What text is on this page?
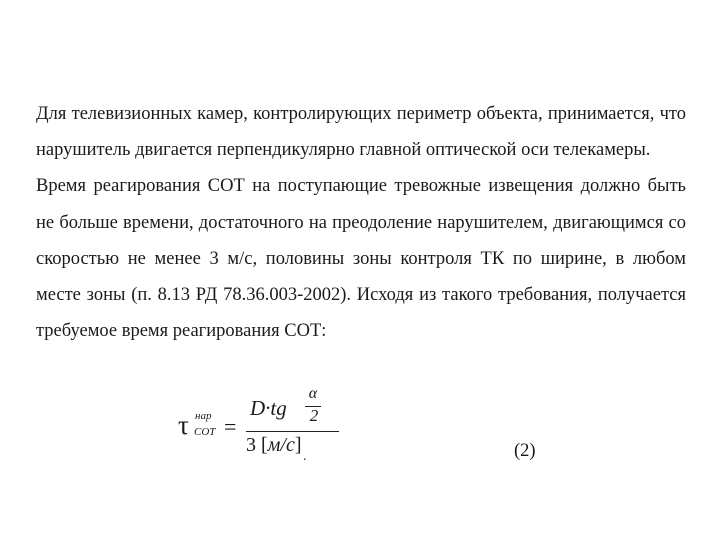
Для телевизионных камер, контролирующих периметр объекта, принимается, что нарушитель двигается перпендикулярно главной оптической оси телекамеры.

Время реагирования СОТ на поступающие тревожные извещения должно быть не больше времени, достаточного на преодоление нарушителем, двигающимся со скоростью не менее 3 м/с, половины зоны контроля ТК по ширине, в любом месте зоны (п. 8.13 РД 78.36.003-2002). Исходя из такого требования, получается требуемое время реагирования СОТ:

τ нар
СОТ =
D·tg
α
2
3 [м/с]
.	(2)
